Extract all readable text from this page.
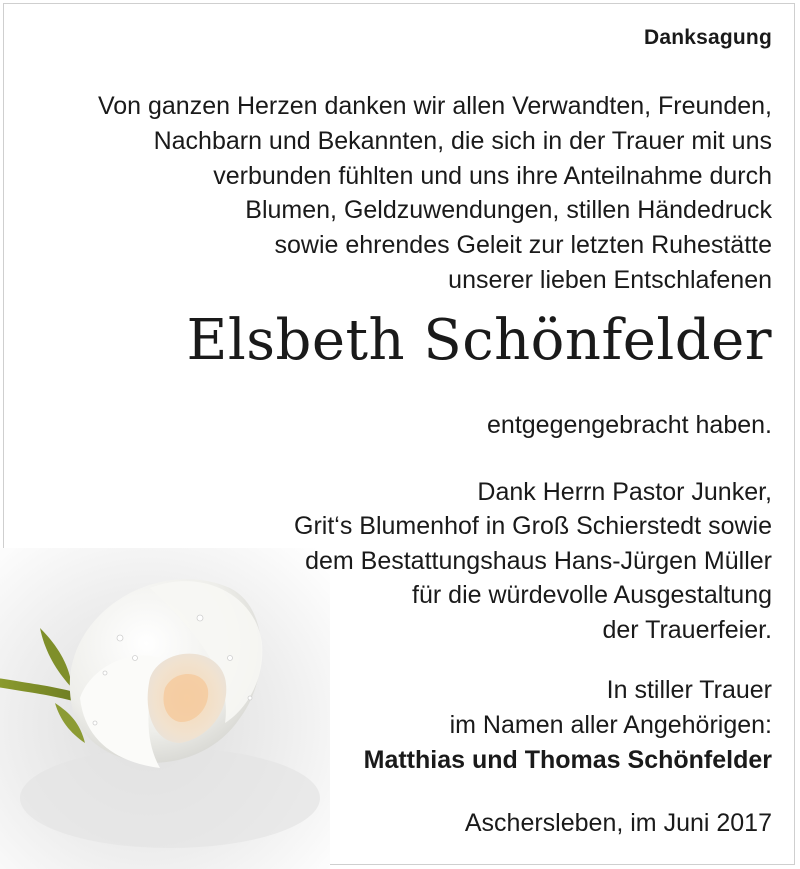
Danksagung

Von ganzen Herzen danken wir allen Verwandten, Freunden,
Nachbarn und Bekannten, die sich in der Trauer mit uns
verbunden fühlten und uns ihre Anteilnahme durch
Blumen, Geldzuwendungen, stillen Händedruck
sowie ehrendes Geleit zur letzten Ruhestätte
unserer lieben Entschlafenen

Elsbeth Schönfelder

entgegengebracht haben.

Dank Herrn Pastor Junker,
Grit‘s Blumenhof in Groß Schierstedt sowie
dem Bestattungshaus Hans-Jürgen Müller
für die würdevolle Ausgestaltung
der Trauerfeier.

In stiller Trauer
im Namen aller Angehörigen:
Matthias und Thomas Schönfelder

Aschersleben, im Juni 2017
